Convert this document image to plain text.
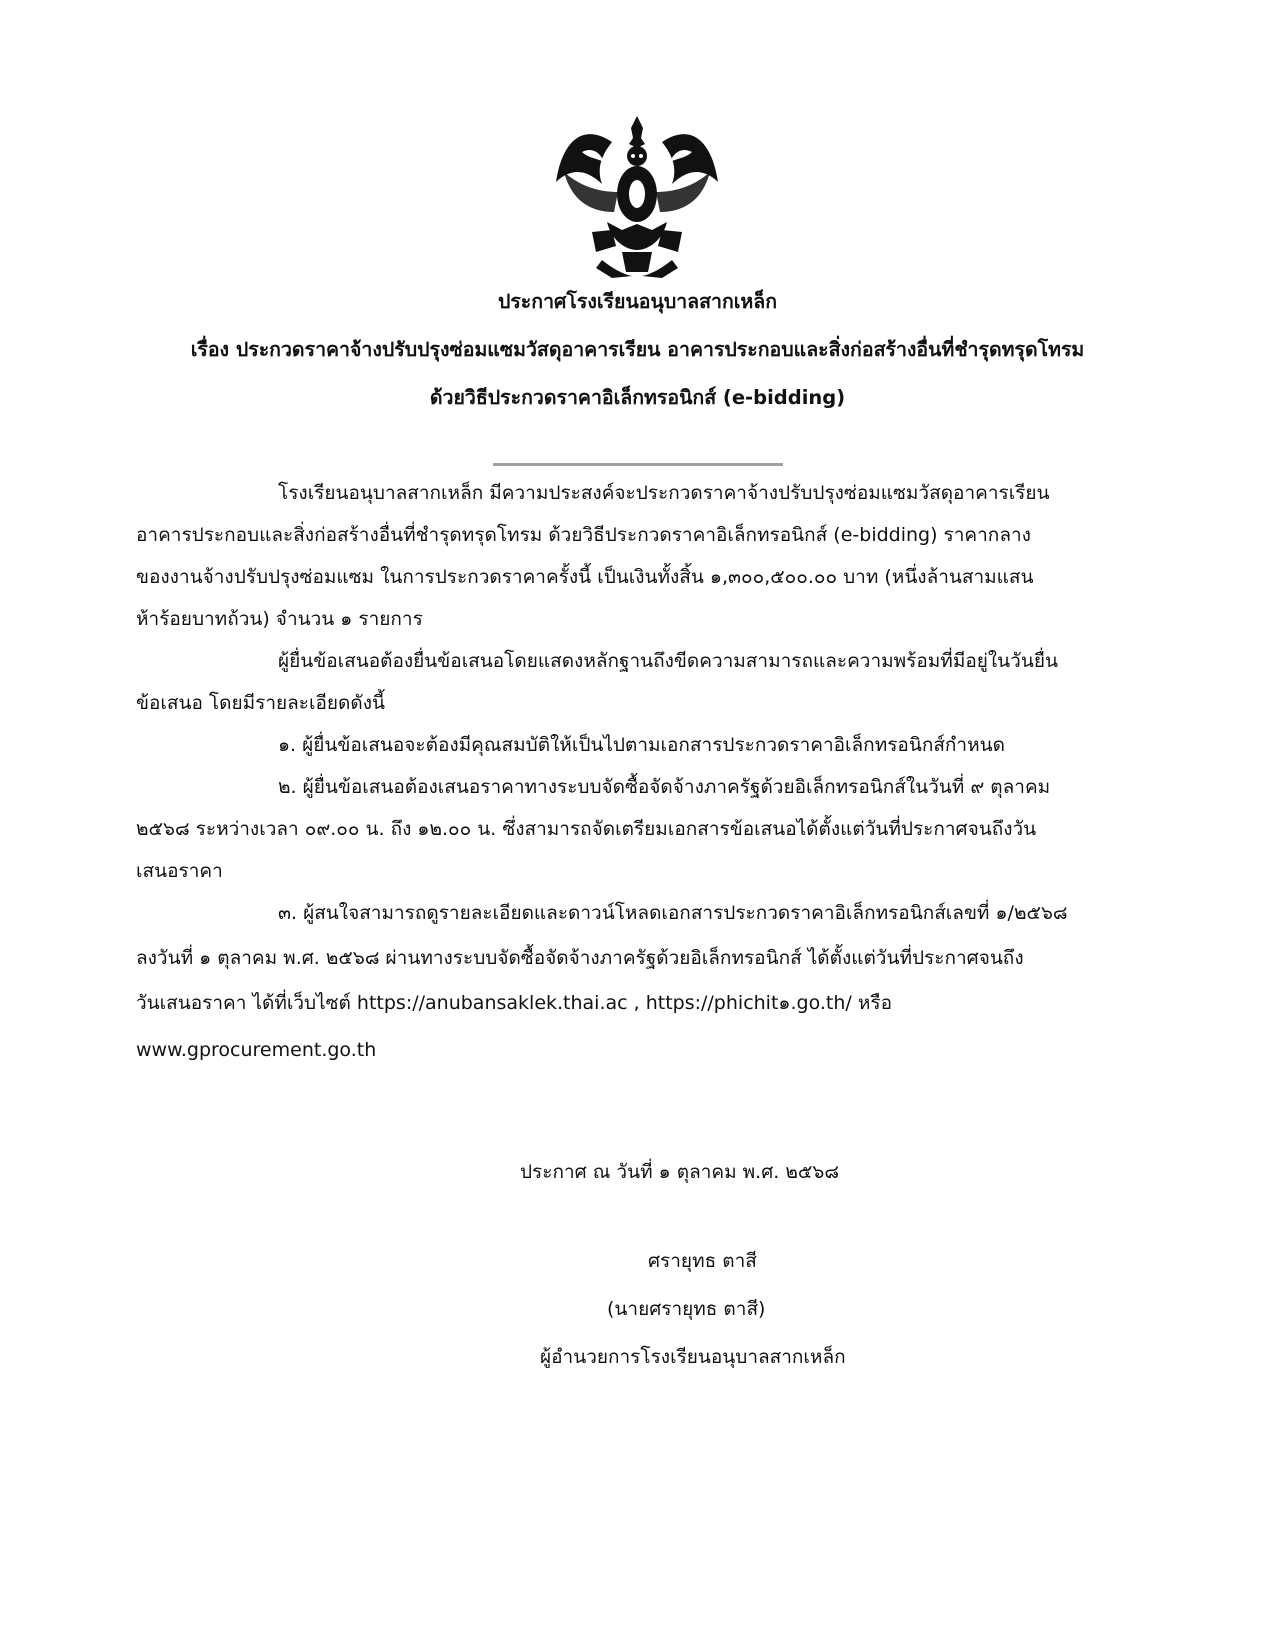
ประกาศโรงเรียนอนุบาลสากเหล็ก
เรื่อง ประกวดราคาจ้างปรับปรุงซ่อมแซมวัสดุอาคารเรียน อาคารประกอบและสิ่งก่อสร้างอื่นที่ชำรุดทรุดโทรม
ด้วยวิธีประกวดราคาอิเล็กทรอนิกส์ (e-bidding)
โรงเรียนอนุบาลสากเหล็ก มีความประสงค์จะประกวดราคาจ้างปรับปรุงซ่อมแซมวัสดุอาคารเรียน
อาคารประกอบและสิ่งก่อสร้างอื่นที่ชำรุดทรุดโทรม ด้วยวิธีประกวดราคาอิเล็กทรอนิกส์ (e-bidding) ราคากลาง
ของงานจ้างปรับปรุงซ่อมแซม ในการประกวดราคาครั้งนี้ เป็นเงินทั้งสิ้น ๑,๓๐๐,๕๐๐.๐๐ บาท (หนึ่งล้านสามแสน
ห้าร้อยบาทถ้วน) จำนวน ๑ รายการ
ผู้ยื่นข้อเสนอต้องยื่นข้อเสนอโดยแสดงหลักฐานถึงขีดความสามารถและความพร้อมที่มีอยู่ในวันยื่น
ข้อเสนอ โดยมีรายละเอียดดังนี้
๑. ผู้ยื่นข้อเสนอจะต้องมีคุณสมบัติให้เป็นไปตามเอกสารประกวดราคาอิเล็กทรอนิกส์กำหนด
๒. ผู้ยื่นข้อเสนอต้องเสนอราคาทางระบบจัดซื้อจัดจ้างภาครัฐด้วยอิเล็กทรอนิกส์ในวันที่ ๙ ตุลาคม
๒๕๖๘ ระหว่างเวลา ๐๙.๐๐ น. ถึง ๑๒.๐๐ น. ซึ่งสามารถจัดเตรียมเอกสารข้อเสนอได้ตั้งแต่วันที่ประกาศจนถึงวัน
เสนอราคา
๓. ผู้สนใจสามารถดูรายละเอียดและดาวน์โหลดเอกสารประกวดราคาอิเล็กทรอนิกส์เลขที่ ๑/๒๕๖๘
ลงวันที่ ๑ ตุลาคม พ.ศ. ๒๕๖๘ ผ่านทางระบบจัดซื้อจัดจ้างภาครัฐด้วยอิเล็กทรอนิกส์ ได้ตั้งแต่วันที่ประกาศจนถึง
วันเสนอราคา ได้ที่เว็บไซต์ https://anubansaklek.thai.ac , https://phichit๑.go.th/ หรือ
www.gprocurement.go.th
ประกาศ ณ วันที่ ๑ ตุลาคม พ.ศ. ๒๕๖๘
ศรายุทธ ตาสี
(นายศรายุทธ ตาสี)
ผู้อำนวยการโรงเรียนอนุบาลสากเหล็ก
